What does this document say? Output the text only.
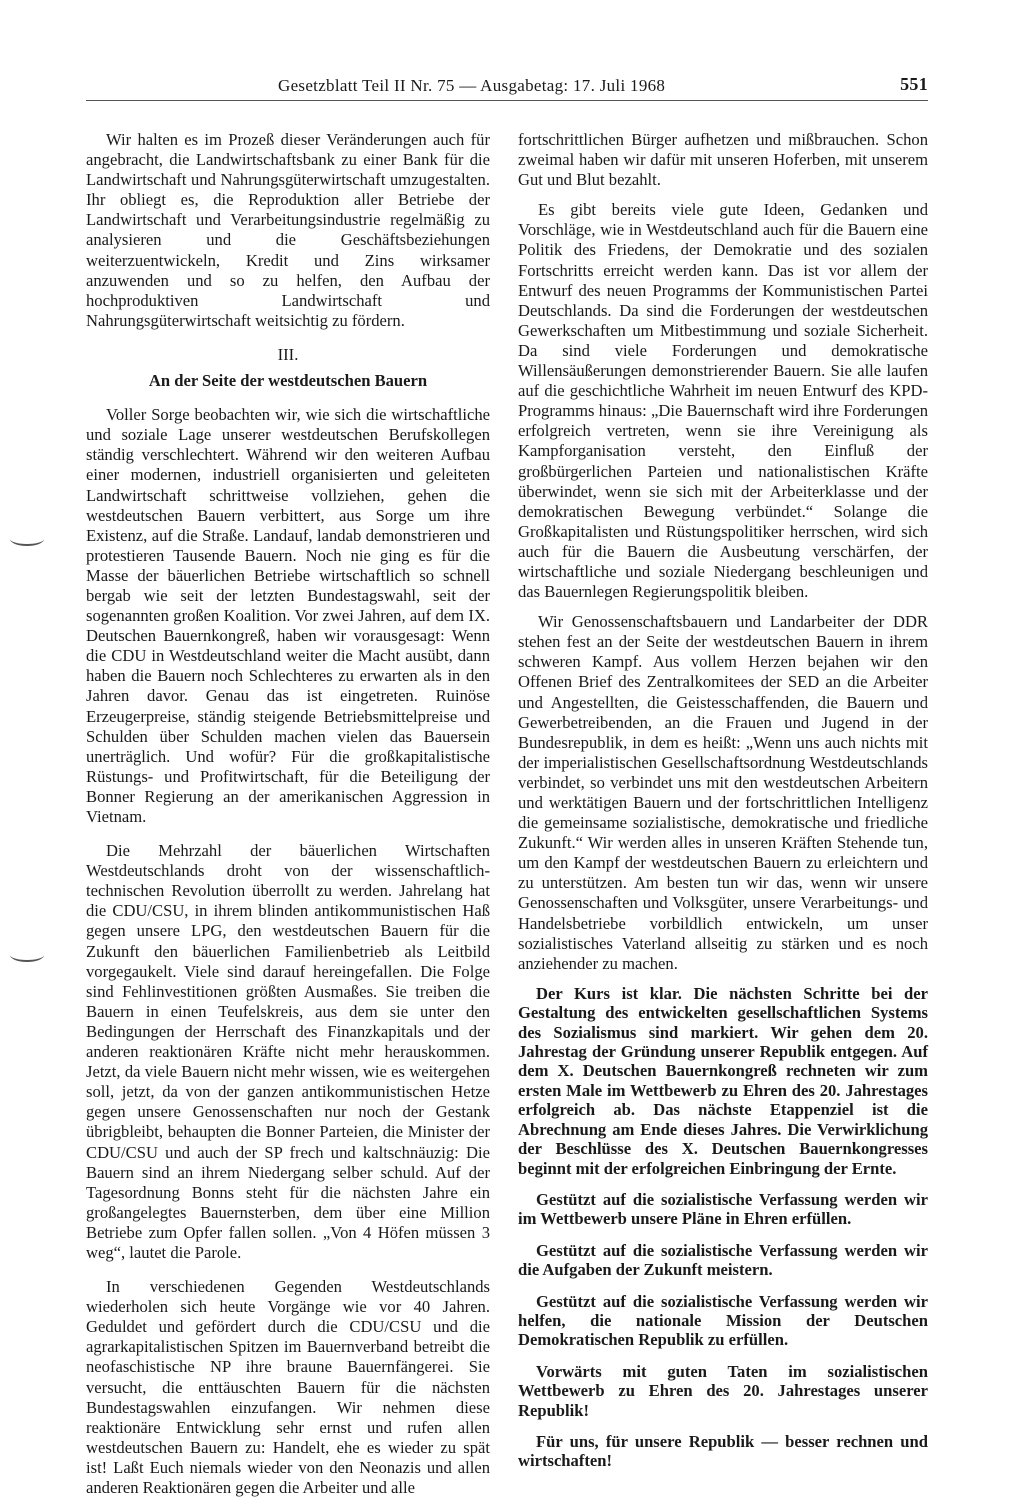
Gesetzblatt Teil II Nr. 75 — Ausgabetag: 17. Juli 1968	551

Wir halten es im Prozeß dieser Veränderungen auch für angebracht, die Landwirtschaftsbank zu einer Bank für die Landwirtschaft und Nahrungsgüterwirtschaft umzugestalten. Ihr obliegt es, die Reproduktion aller Betriebe der Landwirtschaft und Verarbeitungsindustrie regelmäßig zu analysieren und die Geschäftsbeziehungen weiterzuentwickeln, Kredit und Zins wirksamer anzuwenden und so zu helfen, den Aufbau der hochproduktiven Landwirtschaft und Nahrungsgüterwirtschaft weitsichtig zu fördern.

III.
An der Seite der westdeutschen Bauern

Voller Sorge beobachten wir, wie sich die wirtschaftliche und soziale Lage unserer westdeutschen Berufskollegen ständig verschlechtert. Während wir den weiteren Aufbau einer modernen, industriell organisierten und geleiteten Landwirtschaft schrittweise vollziehen, gehen die westdeutschen Bauern verbittert, aus Sorge um ihre Existenz, auf die Straße. Landauf, landab demonstrieren und protestieren Tausende Bauern. Noch nie ging es für die Masse der bäuerlichen Betriebe wirtschaftlich so schnell bergab wie seit der letzten Bundestagswahl, seit der sogenannten großen Koalition. Vor zwei Jahren, auf dem IX. Deutschen Bauernkongreß, haben wir vorausgesagt: Wenn die CDU in Westdeutschland weiter die Macht ausübt, dann haben die Bauern noch Schlechteres zu erwarten als in den Jahren davor. Genau das ist eingetreten. Ruinöse Erzeugerpreise, ständig steigende Betriebsmittelpreise und Schulden über Schulden machen vielen das Bauersein unerträglich. Und wofür? Für die großkapitalistische Rüstungs- und Profitwirtschaft, für die Beteiligung der Bonner Regierung an der amerikanischen Aggression in Vietnam.

Die Mehrzahl der bäuerlichen Wirtschaften Westdeutschlands droht von der wissenschaftlich-technischen Revolution überrollt zu werden. Jahrelang hat die CDU/CSU, in ihrem blinden antikommunistischen Haß gegen unsere LPG, den westdeutschen Bauern für die Zukunft den bäuerlichen Familienbetrieb als Leitbild vorgegaukelt. Viele sind darauf hereingefallen. Die Folge sind Fehlinvestitionen größten Ausmaßes. Sie treiben die Bauern in einen Teufelskreis, aus dem sie unter den Bedingungen der Herrschaft des Finanzkapitals und der anderen reaktionären Kräfte nicht mehr herauskommen. Jetzt, da viele Bauern nicht mehr wissen, wie es weitergehen soll, jetzt, da von der ganzen antikommunistischen Hetze gegen unsere Genossenschaften nur noch der Gestank übrigbleibt, behaupten die Bonner Parteien, die Minister der CDU/CSU und auch der SP frech und kaltschnäuzig: Die Bauern sind an ihrem Niedergang selber schuld. Auf der Tagesordnung Bonns steht für die nächsten Jahre ein großangelegtes Bauernsterben, dem über eine Million Betriebe zum Opfer fallen sollen. „Von 4 Höfen müssen 3 weg“, lautet die Parole.

In verschiedenen Gegenden Westdeutschlands wiederholen sich heute Vorgänge wie vor 40 Jahren. Geduldet und gefördert durch die CDU/CSU und die agrarkapitalistischen Spitzen im Bauernverband betreibt die neofaschistische NP ihre braune Bauernfängerei. Sie versucht, die enttäuschten Bauern für die nächsten Bundestagswahlen einzufangen. Wir nehmen diese reaktionäre Entwicklung sehr ernst und rufen allen westdeutschen Bauern zu: Handelt, ehe es wieder zu spät ist! Laßt Euch niemals wieder von den Neonazis und allen anderen Reaktionären gegen die Arbeiter und alle

fortschrittlichen Bürger aufhetzen und mißbrauchen. Schon zweimal haben wir dafür mit unseren Hoferben, mit unserem Gut und Blut bezahlt.

Es gibt bereits viele gute Ideen, Gedanken und Vorschläge, wie in Westdeutschland auch für die Bauern eine Politik des Friedens, der Demokratie und des sozialen Fortschritts erreicht werden kann. Das ist vor allem der Entwurf des neuen Programms der Kommunistischen Partei Deutschlands. Da sind die Forderungen der westdeutschen Gewerkschaften um Mitbestimmung und soziale Sicherheit. Da sind viele Forderungen und demokratische Willensäußerungen demonstrierender Bauern. Sie alle laufen auf die geschichtliche Wahrheit im neuen Entwurf des KPD-Programms hinaus: „Die Bauernschaft wird ihre Forderungen erfolgreich vertreten, wenn sie ihre Vereinigung als Kampforganisation versteht, den Einfluß der großbürgerlichen Parteien und nationalistischen Kräfte überwindet, wenn sie sich mit der Arbeiterklasse und der demokratischen Bewegung verbündet.“ Solange die Großkapitalisten und Rüstungspolitiker herrschen, wird sich auch für die Bauern die Ausbeutung verschärfen, der wirtschaftliche und soziale Niedergang beschleunigen und das Bauernlegen Regierungspolitik bleiben.

Wir Genossenschaftsbauern und Landarbeiter der DDR stehen fest an der Seite der westdeutschen Bauern in ihrem schweren Kampf. Aus vollem Herzen bejahen wir den Offenen Brief des Zentralkomitees der SED an die Arbeiter und Angestellten, die Geistesschaffenden, die Bauern und Gewerbetreibenden, an die Frauen und Jugend in der Bundesrepublik, in dem es heißt: „Wenn uns auch nichts mit der imperialistischen Gesellschaftsordnung Westdeutschlands verbindet, so verbindet uns mit den westdeutschen Arbeitern und werktätigen Bauern und der fortschrittlichen Intelligenz die gemeinsame sozialistische, demokratische und friedliche Zukunft.“ Wir werden alles in unseren Kräften Stehende tun, um den Kampf der westdeutschen Bauern zu erleichtern und zu unterstützen. Am besten tun wir das, wenn wir unsere Genossenschaften und Volksgüter, unsere Verarbeitungs- und Handelsbetriebe vorbildlich entwickeln, um unser sozialistisches Vaterland allseitig zu stärken und es noch anziehender zu machen.

Der Kurs ist klar. Die nächsten Schritte bei der Gestaltung des entwickelten gesellschaftlichen Systems des Sozialismus sind markiert. Wir gehen dem 20. Jahrestag der Gründung unserer Republik entgegen. Auf dem X. Deutschen Bauernkongreß rechneten wir zum ersten Male im Wettbewerb zu Ehren des 20. Jahrestages erfolgreich ab. Das nächste Etappenziel ist die Abrechnung am Ende dieses Jahres. Die Verwirklichung der Beschlüsse des X. Deutschen Bauernkongresses beginnt mit der erfolgreichen Einbringung der Ernte.

Gestützt auf die sozialistische Verfassung werden wir im Wettbewerb unsere Pläne in Ehren erfüllen.

Gestützt auf die sozialistische Verfassung werden wir die Aufgaben der Zukunft meistern.

Gestützt auf die sozialistische Verfassung werden wir helfen, die nationale Mission der Deutschen Demokratischen Republik zu erfüllen.

Vorwärts mit guten Taten im sozialistischen Wettbewerb zu Ehren des 20. Jahrestages unserer Republik!

Für uns, für unsere Republik — besser rechnen und wirtschaften!
